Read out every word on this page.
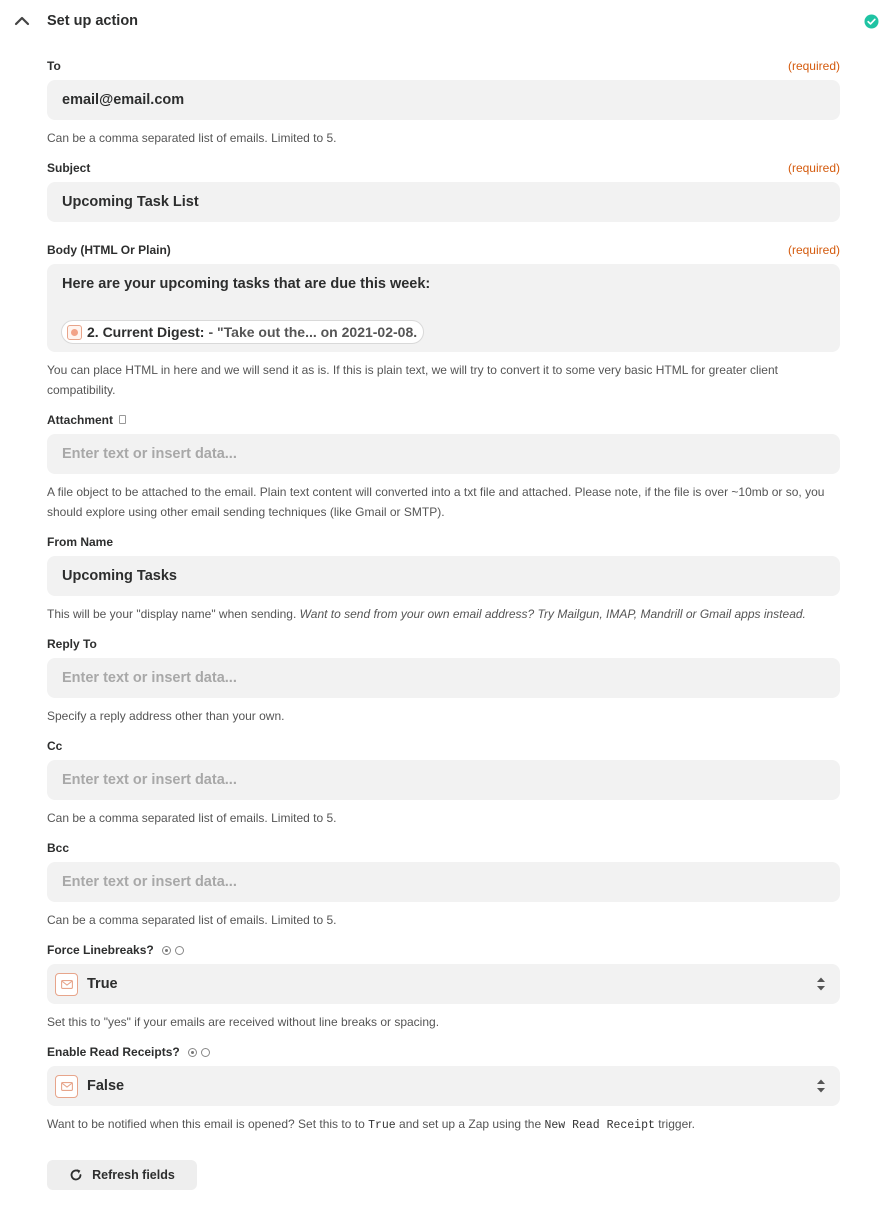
Set up action
To	(required)
email@email.com
Can be a comma separated list of emails. Limited to 5.
Subject	(required)
Upcoming Task List
Body (HTML Or Plain)	(required)
Here are your upcoming tasks that are due this week:
2. Current Digest: - "Take out the... on 2021-02-08.
You can place HTML in here and we will send it as is. If this is plain text, we will try to convert it to some very basic HTML for greater client compatibility.
Attachment
Enter text or insert data...
A file object to be attached to the email. Plain text content will converted into a txt file and attached. Please note, if the file is over ~10mb or so, you should explore using other email sending techniques (like Gmail or SMTP).
From Name
Upcoming Tasks
This will be your "display name" when sending. Want to send from your own email address? Try Mailgun, IMAP, Mandrill or Gmail apps instead.
Reply To
Enter text or insert data...
Specify a reply address other than your own.
Cc
Enter text or insert data...
Can be a comma separated list of emails. Limited to 5.
Bcc
Enter text or insert data...
Can be a comma separated list of emails. Limited to 5.
Force Linebreaks?
True
Set this to "yes" if your emails are received without line breaks or spacing.
Enable Read Receipts?
False
Want to be notified when this email is opened? Set this to to True and set up a Zap using the New Read Receipt trigger.
Refresh fields
